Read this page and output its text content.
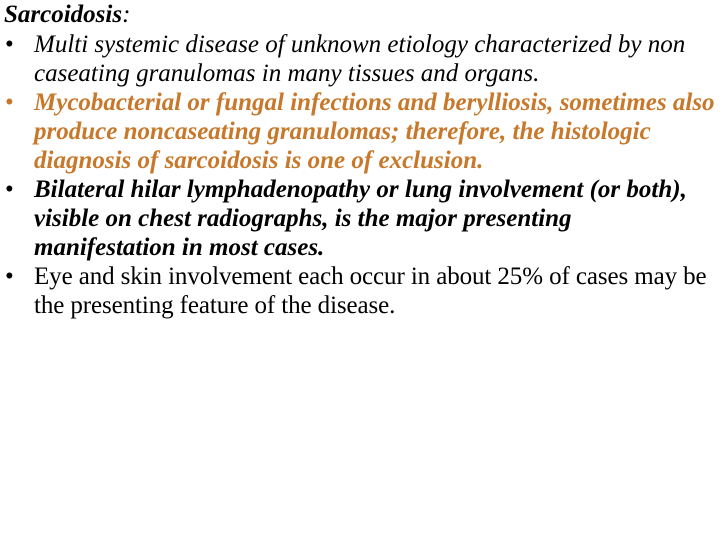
Sarcoidosis:

• Multi systemic disease of unknown etiology characterized by non caseating granulomas in many tissues and organs.
• Mycobacterial or fungal infections and berylliosis, sometimes also produce noncaseating granulomas; therefore, the histologic diagnosis of sarcoidosis is one of exclusion.
• Bilateral hilar lymphadenopathy or lung involvement (or both), visible on chest radiographs, is the major presenting manifestation in most cases.
• Eye and skin involvement each occur in about 25% of cases may be the presenting feature of the disease.
